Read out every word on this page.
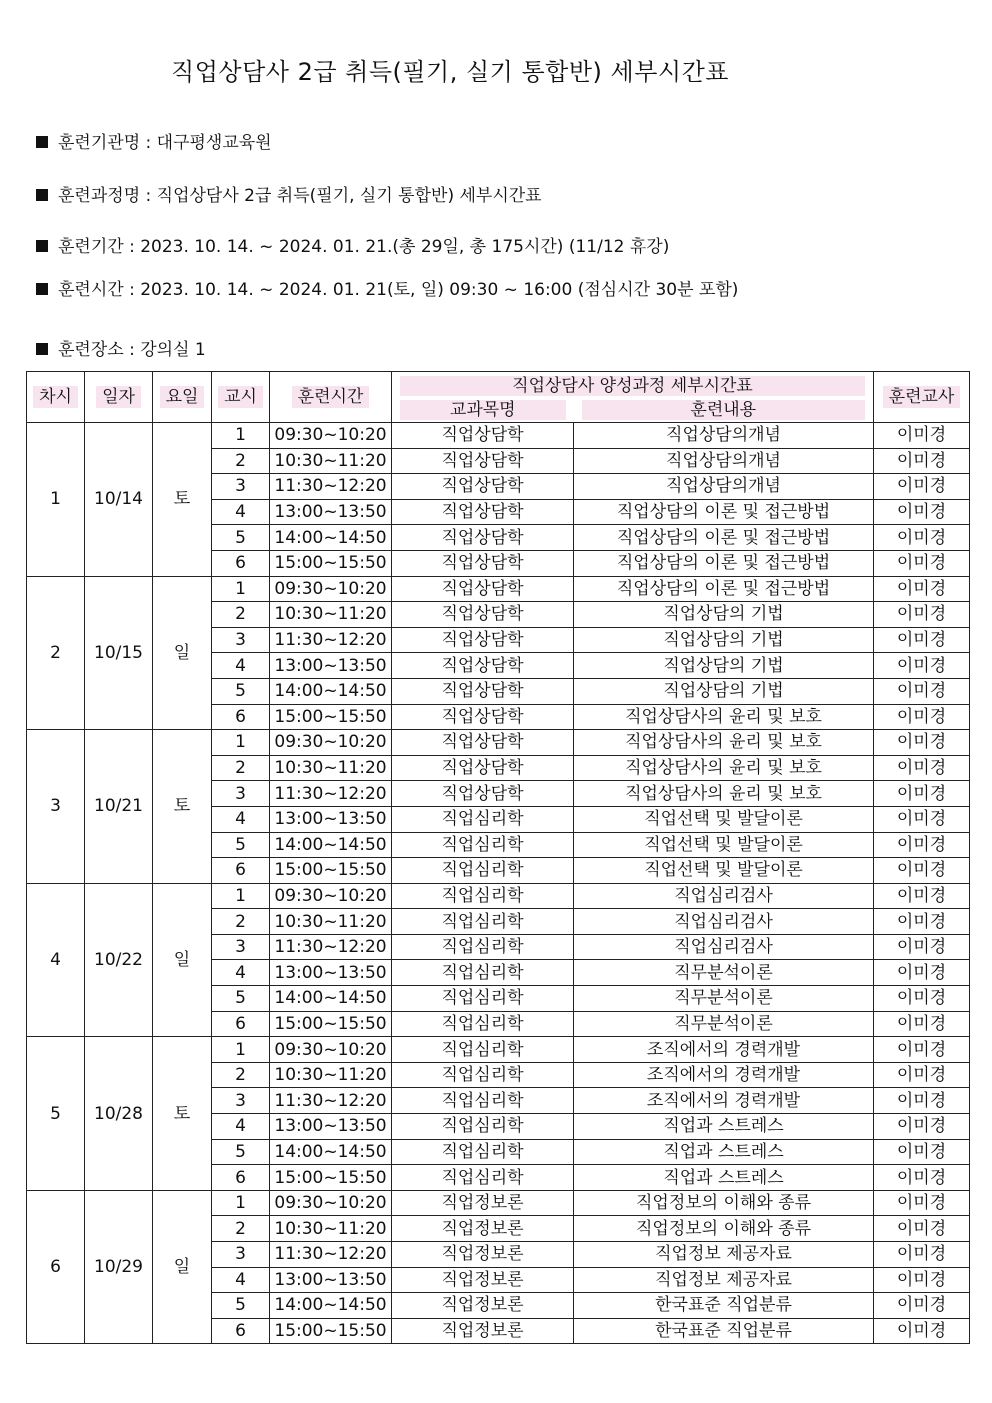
직업상담사 2급 취득(필기, 실기 통합반) 세부시간표
훈련기관명 : 대구평생교육원
훈련과정명 : 직업상담사 2급 취득(필기, 실기 통합반) 세부시간표
훈련기간 : 2023. 10. 14. ~ 2024. 01. 21.(총 29일, 총 175시간) (11/12 휴강)
훈련시간 : 2023. 10. 14. ~ 2024. 01. 21(토, 일) 09:30 ~ 16:00 (점심시간 30분 포함)
훈련장소 : 강의실 1
차시	일자	요일	교시	훈련시간	직업상담사 양성과정 세부시간표		훈련교사

					교과목명	훈련내용	

1	10/14	토	1	09:30~10:20	직업상담학	직업상담의개념	이미경
			2	10:30~11:20	직업상담학	직업상담의개념	이미경
			3	11:30~12:20	직업상담학	직업상담의개념	이미경
			4	13:00~13:50	직업상담학	직업상담의 이론 및 접근방법	이미경
			5	14:00~14:50	직업상담학	직업상담의 이론 및 접근방법	이미경
			6	15:00~15:50	직업상담학	직업상담의 이론 및 접근방법	이미경
2	10/15	일	1	09:30~10:20	직업상담학	직업상담의 이론 및 접근방법	이미경
			2	10:30~11:20	직업상담학	직업상담의 기법	이미경
			3	11:30~12:20	직업상담학	직업상담의 기법	이미경
			4	13:00~13:50	직업상담학	직업상담의 기법	이미경
			5	14:00~14:50	직업상담학	직업상담의 기법	이미경
			6	15:00~15:50	직업상담학	직업상담사의 윤리 및 보호	이미경
3	10/21	토	1	09:30~10:20	직업상담학	직업상담사의 윤리 및 보호	이미경
			2	10:30~11:20	직업상담학	직업상담사의 윤리 및 보호	이미경
			3	11:30~12:20	직업상담학	직업상담사의 윤리 및 보호	이미경
			4	13:00~13:50	직업심리학	직업선택 및 발달이론	이미경
			5	14:00~14:50	직업심리학	직업선택 및 발달이론	이미경
			6	15:00~15:50	직업심리학	직업선택 및 발달이론	이미경
4	10/22	일	1	09:30~10:20	직업심리학	직업심리검사	이미경
			2	10:30~11:20	직업심리학	직업심리검사	이미경
			3	11:30~12:20	직업심리학	직업심리검사	이미경
			4	13:00~13:50	직업심리학	직무분석이론	이미경
			5	14:00~14:50	직업심리학	직무분석이론	이미경
			6	15:00~15:50	직업심리학	직무분석이론	이미경
5	10/28	토	1	09:30~10:20	직업심리학	조직에서의 경력개발	이미경
			2	10:30~11:20	직업심리학	조직에서의 경력개발	이미경
			3	11:30~12:20	직업심리학	조직에서의 경력개발	이미경
			4	13:00~13:50	직업심리학	직업과 스트레스	이미경
			5	14:00~14:50	직업심리학	직업과 스트레스	이미경
			6	15:00~15:50	직업심리학	직업과 스트레스	이미경
6	10/29	일	1	09:30~10:20	직업정보론	직업정보의 이해와 종류	이미경
			2	10:30~11:20	직업정보론	직업정보의 이해와 종류	이미경
			3	11:30~12:20	직업정보론	직업정보 제공자료	이미경
			4	13:00~13:50	직업정보론	직업정보 제공자료	이미경
			5	14:00~14:50	직업정보론	한국표준 직업분류	이미경
			6	15:00~15:50	직업정보론	한국표준 직업분류	이미경
